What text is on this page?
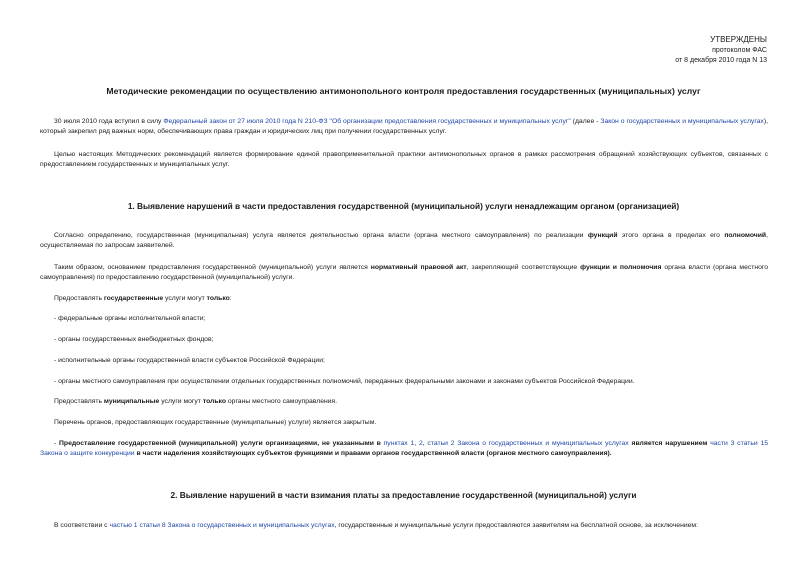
УТВЕРЖДЕНЫ
протоколом ФАС
от 8 декабря 2010 года N 13
Методические рекомендации по осуществлению антимонопольного контроля предоставления государственных (муниципальных) услуг
30 июля 2010 года вступил в силу Федеральный закон от 27 июля 2010 года N 210-ФЗ "Об организации предоставления государственных и муниципальных услуг" (далее - Закон о государственных и муниципальных услугах), который закрепил ряд важных норм, обеспечивающих права граждан и юридических лиц при получении государственных услуг.
Целью настоящих Методических рекомендаций является формирование единой правоприменительной практики антимонопольных органов в рамках рассмотрения обращений хозяйствующих субъектов, связанных с предоставлением государственных и муниципальных услуг.
1. Выявление нарушений в части предоставления государственной (муниципальной) услуги ненадлежащим органом (организацией)
Согласно определению, государственная (муниципальная) услуга является деятельностью органа власти (органа местного самоуправления) по реализации функций этого органа в пределах его полномочий, осуществляемая по запросам заявителей.
Таким образом, основанием предоставления государственной (муниципальной) услуги является нормативный правовой акт, закрепляющий соответствующие функции и полномочия органа власти (органа местного самоуправления) по предоставлению государственной (муниципальной) услуги.
Предоставлять государственные услуги могут только:
- федеральные органы исполнительной власти;
- органы государственных внебюджетных фондов;
- исполнительные органы государственной власти субъектов Российской Федерации;
- органы местного самоуправления при осуществлении отдельных государственных полномочий, переданных федеральными законами и законами субъектов Российской Федерации.
Предоставлять муниципальные услуги могут только органы местного самоуправления.
Перечень органов, предоставляющих государственные (муниципальные) услуги) является закрытым.
- Предоставление государственной (муниципальной) услуги организациями, не указанными в пунктах 1, 2, статьи 2 Закона о государственных и муниципальных услугах является нарушением части 3 статьи 15 Закона о защите конкуренции в части наделения хозяйствующих субъектов функциями и правами органов государственной власти (органов местного самоуправления).
2. Выявление нарушений в части взимания платы за предоставление государственной (муниципальной) услуги
В соответствии с частью 1 статьи 8 Закона о государственных и муниципальных услугах, государственные и муниципальные услуги предоставляются заявителям на бесплатной основе, за исключением:
